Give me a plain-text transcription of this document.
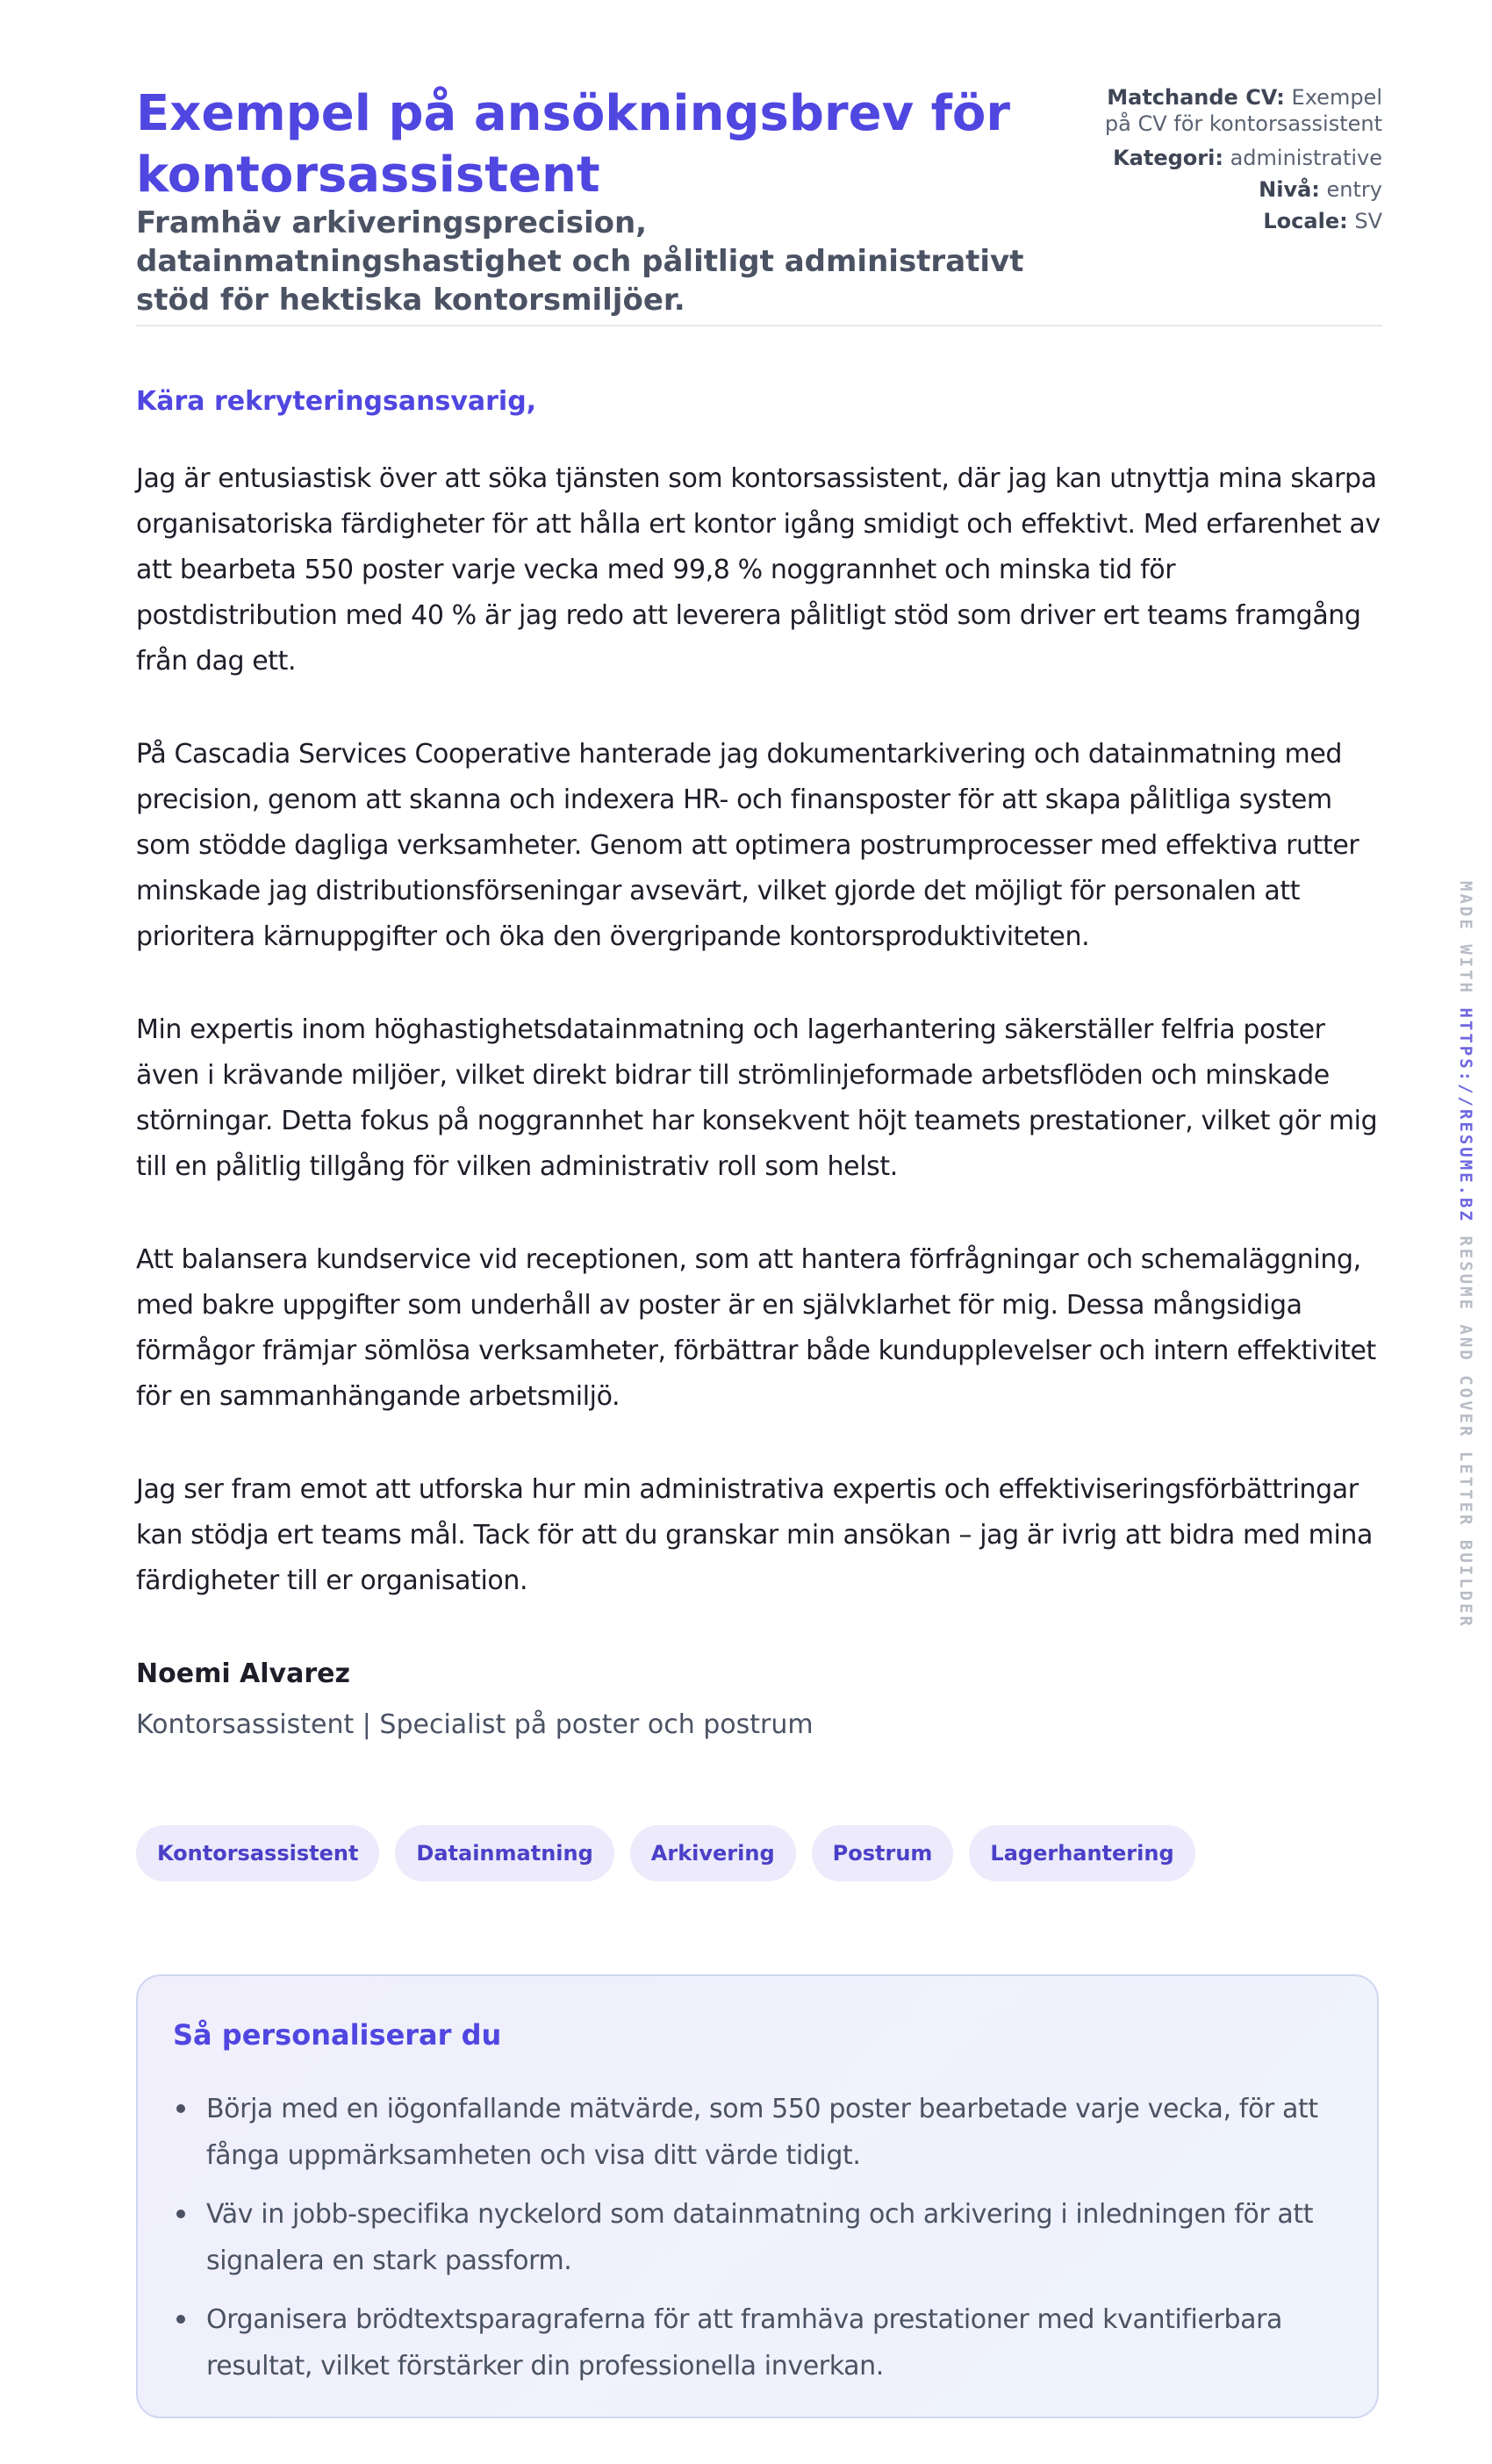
Exempel på ansökningsbrev för kontorsassistent

Framhäv arkiveringsprecision, datainmatningshastighet och pålitligt administrativt stöd för hektiska kontorsmiljöer.

Matchande CV: Exempel på CV för kontorsassistent

Kategori: administrative

Nivå: entry

Locale: SV

Kära rekryteringsansvarig,

Jag är entusiastisk över att söka tjänsten som kontorsassistent, där jag kan utnyttja mina skarpa organisatoriska färdigheter för att hålla ert kontor igång smidigt och effektivt. Med erfarenhet av att bearbeta 550 poster varje vecka med 99,8 % noggrannhet och minska tid för postdistribution med 40 % är jag redo att leverera pålitligt stöd som driver ert teams framgång från dag ett.

På Cascadia Services Cooperative hanterade jag dokumentarkivering och datainmatning med precision, genom att skanna och indexera HR- och finansposter för att skapa pålitliga system som stödde dagliga verksamheter. Genom att optimera postrumprocesser med effektiva rutter minskade jag distributionsförseningar avsevärt, vilket gjorde det möjligt för personalen att prioritera kärnuppgifter och öka den övergripande kontorsproduktiviteten.

Min expertis inom höghastighetsdatainmatning och lagerhantering säkerställer felfria poster även i krävande miljöer, vilket direkt bidrar till strömlinjeformade arbetsflöden och minskade störningar. Detta fokus på noggrannhet har konsekvent höjt teamets prestationer, vilket gör mig till en pålitlig tillgång för vilken administrativ roll som helst.

Att balansera kundservice vid receptionen, som att hantera förfrågningar och schemaläggning, med bakre uppgifter som underhåll av poster är en självklarhet för mig. Dessa mångsidiga förmågor främjar sömlösa verksamheter, förbättrar både kundupplevelser och intern effektivitet för en sammanhängande arbetsmiljö.

Jag ser fram emot att utforska hur min administrativa expertis och effektiviseringsförbättringar kan stödja ert teams mål. Tack för att du granskar min ansökan – jag är ivrig att bidra med mina färdigheter till er organisation.

Noemi Alvarez

Kontorsassistent | Specialist på poster och postrum

Kontorsassistent	Datainmatning	Arkivering	Postrum	Lagerhantering
Så personaliserar du
Börja med en iögonfallande mätvärde, som 550 poster bearbetade varje vecka, för att fånga uppmärksamheten och visa ditt värde tidigt.
Väv in jobb-specifika nyckelord som datainmatning och arkivering i inledningen för att signalera en stark passform.
Organisera brödtextsparagraferna för att framhäva prestationer med kvantifierbara resultat, vilket förstärker din professionella inverkan.
MADE WITH HTTPS://RESUME.BZ RESUME AND COVER LETTER BUILDER
